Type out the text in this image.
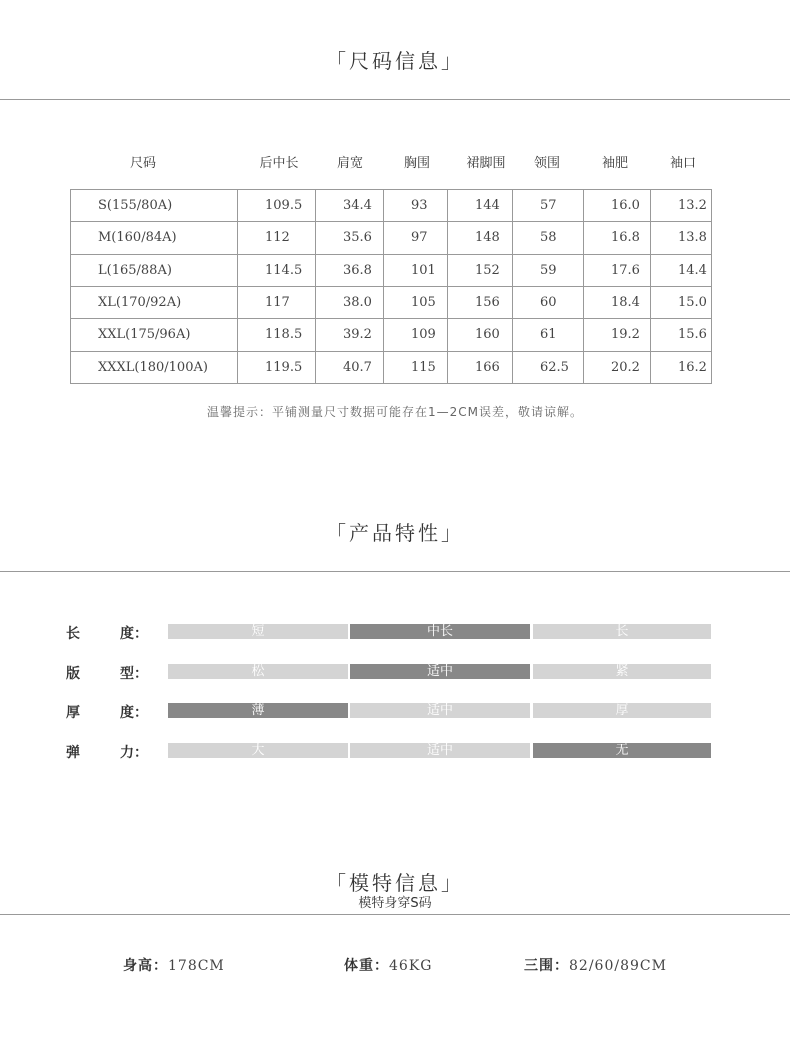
「尺码信息」
尺码	后中长	肩宽	胸围	裙脚围	领围	袖肥	袖口
S(155/80A)	109.5	34.4	93	144	57	16.0	13.2
M(160/84A)	112	35.6	97	148	58	16.8	13.8
L(165/88A)	114.5	36.8	101	152	59	17.6	14.4
XL(170/92A)	117	38.0	105	156	60	18.4	15.0
XXL(175/96A)	118.5	39.2	109	160	61	19.2	15.6
XXXL(180/100A)	119.5	40.7	115	166	62.5	20.2	16.2
温馨提示：平铺测量尺寸数据可能存在1—2CM误差，敬请谅解。
「产品特性」
长	度：	短	中长	长
版	型：	松	适中	紧
厚	度：	薄	适中	厚
弹	力：	大	适中	无
「模特信息」
模特身穿S码
身高：178CM	体重：46KG	三围：82/60/89CM
